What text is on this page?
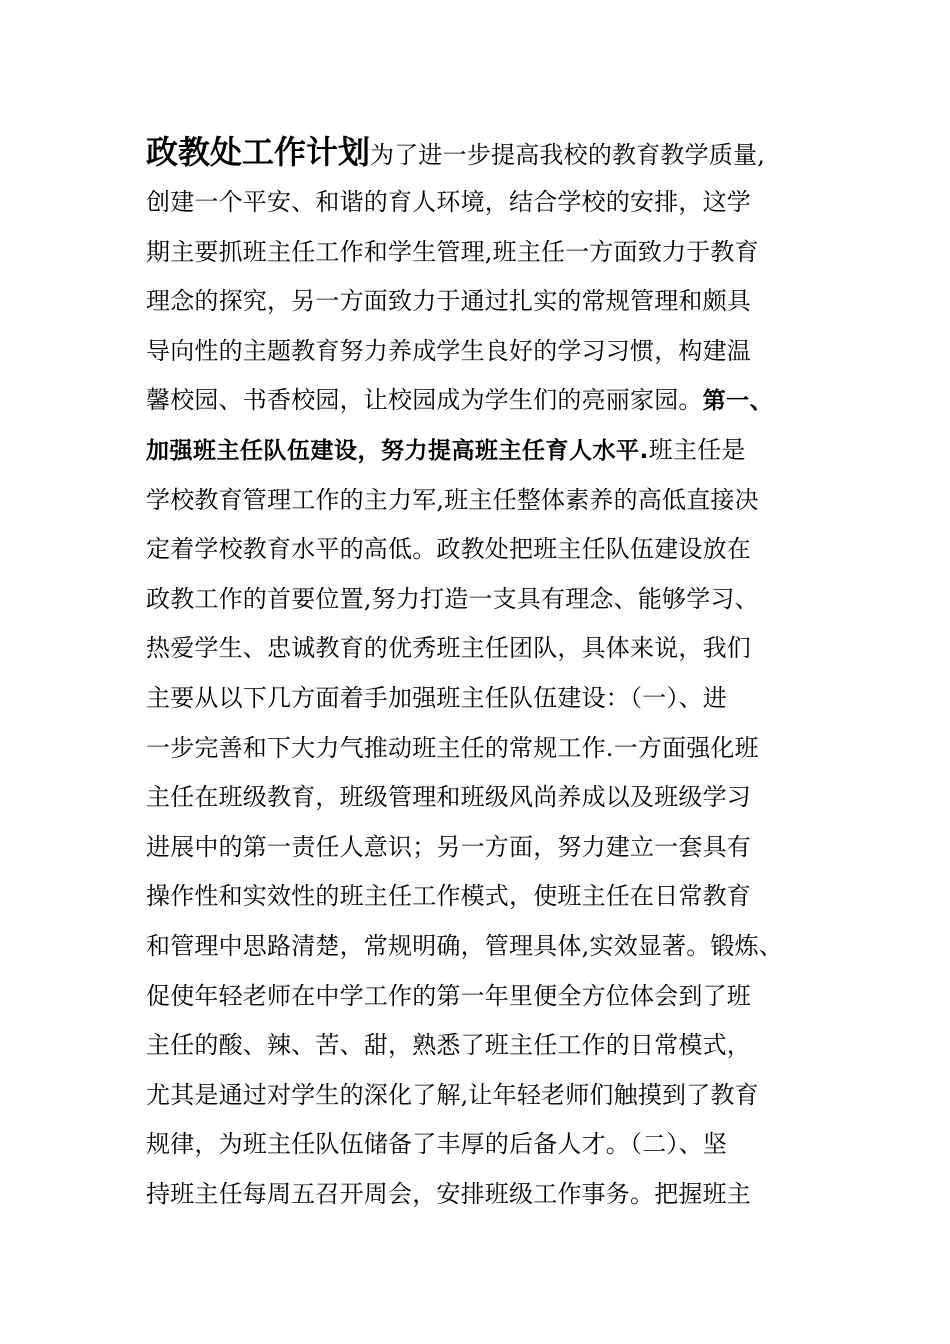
政教处工作计划为了进一步提高我校的教育教学质量,
创建一个平安、和谐的育人环境，结合学校的安排，这学
期主要抓班主任工作和学生管理,班主任一方面致力于教育
理念的探究，另一方面致力于通过扎实的常规管理和颇具
导向性的主题教育努力养成学生良好的学习习惯，构建温
馨校园、书香校园，让校园成为学生们的亮丽家园。第一、
加强班主任队伍建设，努力提高班主任育人水平.班主任是
学校教育管理工作的主力军,班主任整体素养的高低直接决
定着学校教育水平的高低。政教处把班主任队伍建设放在
政教工作的首要位置,努力打造一支具有理念、能够学习、
热爱学生、忠诚教育的优秀班主任团队，具体来说，我们
主要从以下几方面着手加强班主任队伍建设：（一）、进
一步完善和下大力气推动班主任的常规工作.一方面强化班
主任在班级教育，班级管理和班级风尚养成以及班级学习
进展中的第一责任人意识；另一方面，努力建立一套具有
操作性和实效性的班主任工作模式，使班主任在日常教育
和管理中思路清楚，常规明确，管理具体,实效显著。锻炼、
促使年轻老师在中学工作的第一年里便全方位体会到了班
主任的酸、辣、苦、甜，熟悉了班主任工作的日常模式，
尤其是通过对学生的深化了解,让年轻老师们触摸到了教育
规律，为班主任队伍储备了丰厚的后备人才。（二）、坚
持班主任每周五召开周会，安排班级工作事务。把握班主
